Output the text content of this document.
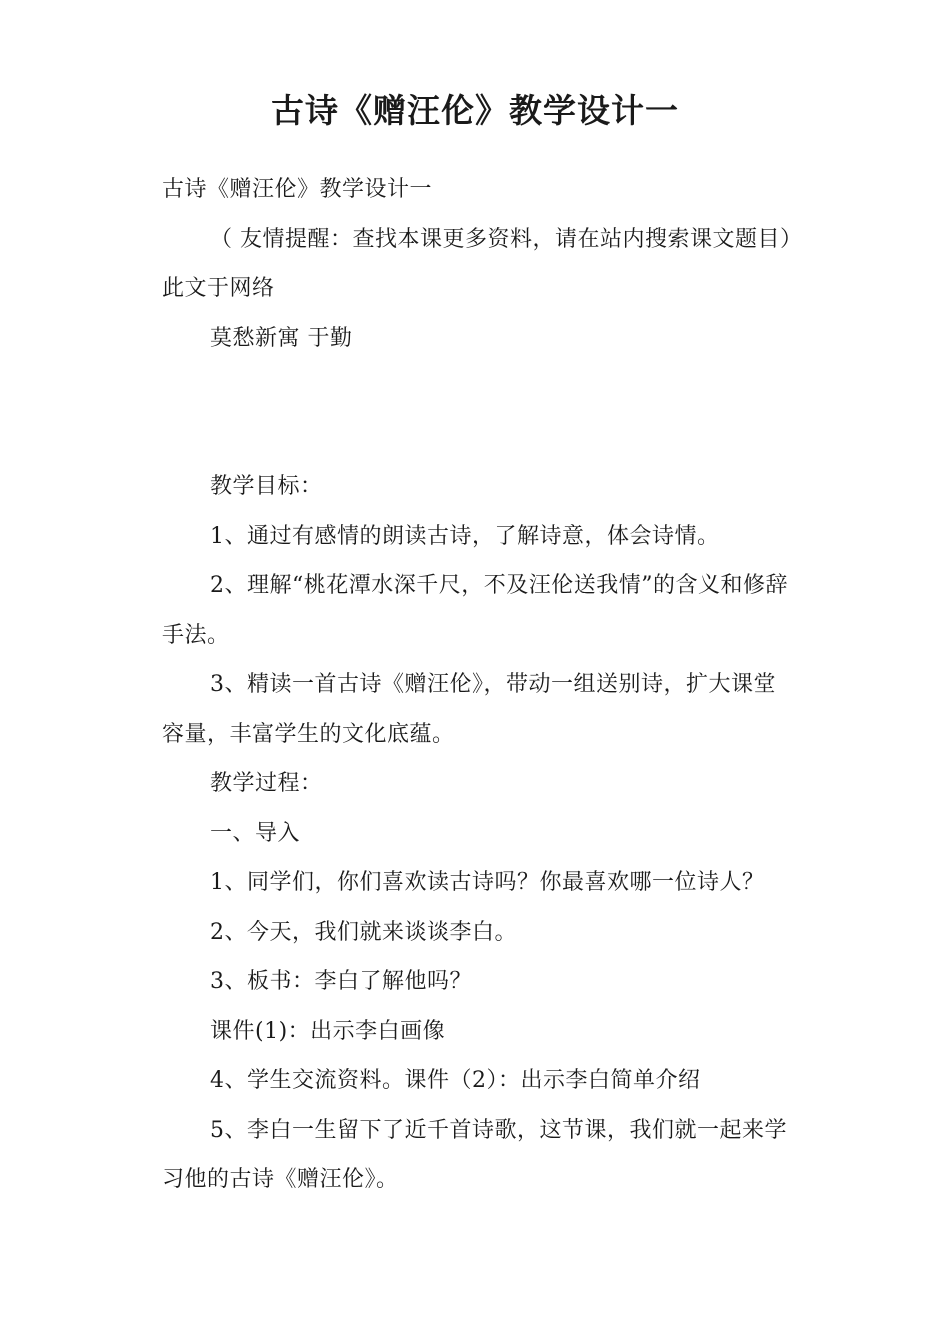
古诗《赠汪伦》教学设计一

古诗《赠汪伦》教学设计一

（ 友情提醒：查找本课更多资料，请在站内搜索课文题目）此文于网络

莫愁新寓 于勤

教学目标：

1、通过有感情的朗读古诗，了解诗意，体会诗情。

2、理解“桃花潭水深千尺，不及汪伦送我情”的含义和修辞手法。

3、精读一首古诗《赠汪伦》，带动一组送别诗，扩大课堂容量，丰富学生的文化底蕴。

教学过程：

一、导入

1、同学们，你们喜欢读古诗吗？你最喜欢哪一位诗人？

2、今天，我们就来谈谈李白。

3、板书：李白了解他吗？

课件(1)：出示李白画像

4、学生交流资料。课件（2）：出示李白简单介绍

5、李白一生留下了近千首诗歌，这节课，我们就一起来学习他的古诗《赠汪伦》。
